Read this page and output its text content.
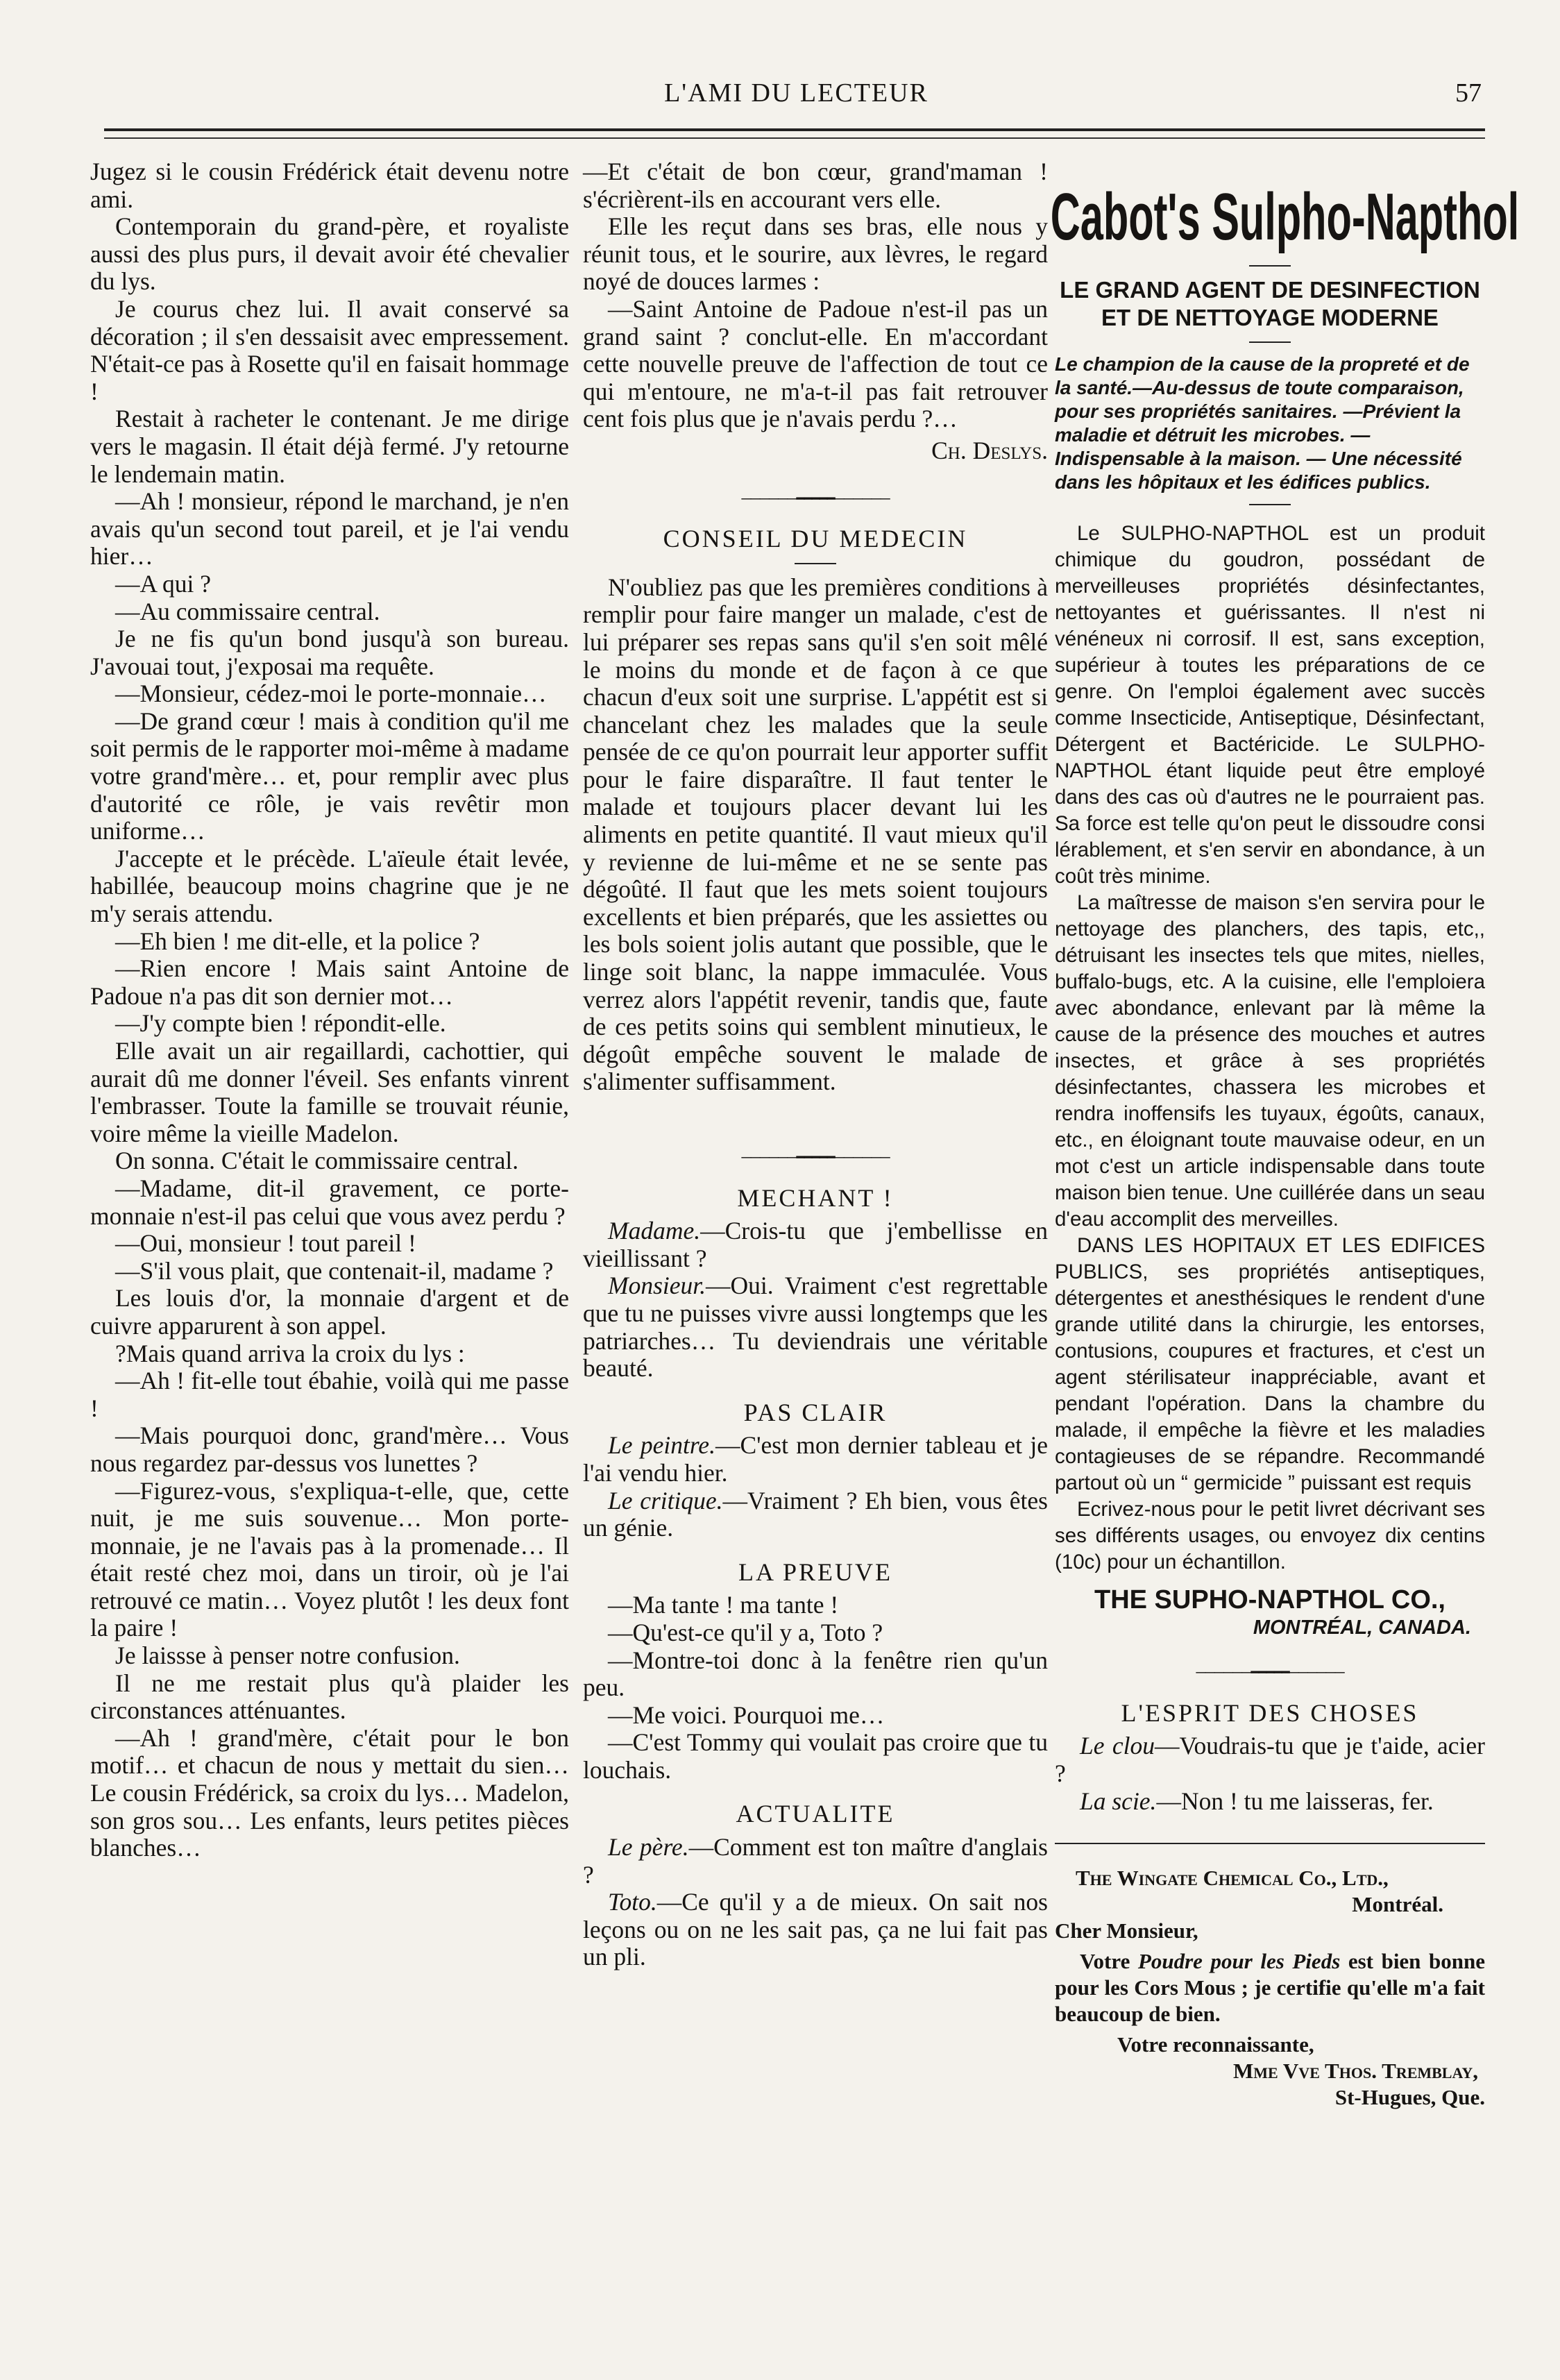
L'AMI DU LECTEUR	57

Jugez si le cousin Frédérick était devenu notre ami.

Contemporain du grand-père, et royaliste aussi des plus purs, il devait avoir été chevalier du lys.

Je courus chez lui. Il avait conservé sa décoration ; il s'en dessaisit avec empressement. N'était-ce pas à Rosette qu'il en faisait hommage !

Restait à racheter le contenant. Je me dirige vers le magasin. Il était déjà fermé. J'y retourne le lendemain matin.

—Ah ! monsieur, répond le marchand, je n'en avais qu'un second tout pareil, et je l'ai vendu hier…

—A qui ?

—Au commissaire central.

Je ne fis qu'un bond jusqu'à son bureau. J'avouai tout, j'exposai ma requête.

—Monsieur, cédez-moi le porte-monnaie…

—De grand cœur ! mais à condition qu'il me soit permis de le rapporter moi-même à madame votre grand'mère… et, pour remplir avec plus d'autorité ce rôle, je vais revêtir mon uniforme…

J'accepte et le précède. L'aïeule était levée, habillée, beaucoup moins chagrine que je ne m'y serais attendu.

—Eh bien ! me dit-elle, et la police ?

—Rien encore ! Mais saint Antoine de Padoue n'a pas dit son dernier mot…

—J'y compte bien ! répondit-elle.

Elle avait un air regaillardi, cachottier, qui aurait dû me donner l'éveil. Ses enfants vinrent l'embrasser. Toute la famille se trouvait réunie, voire même la vieille Madelon.

On sonna. C'était le commissaire central.

—Madame, dit-il gravement, ce porte-monnaie n'est-il pas celui que vous avez perdu ?

—Oui, monsieur ! tout pareil !

—S'il vous plait, que contenait-il, madame ?

Les louis d'or, la monnaie d'argent et de cuivre apparurent à son appel.

?Mais quand arriva la croix du lys :

—Ah ! fit-elle tout ébahie, voilà qui me passe !

—Mais pourquoi donc, grand'mère… Vous nous regardez par-dessus vos lunettes ?

—Figurez-vous, s'expliqua-t-elle, que, cette nuit, je me suis souvenue… Mon porte-monnaie, je ne l'avais pas à la promenade… Il était resté chez moi, dans un tiroir, où je l'ai retrouvé ce matin… Voyez plutôt ! les deux font la paire !

Je laissse à penser notre confusion.

Il ne me restait plus qu'à plaider les circonstances atténuantes.

—Ah ! grand'mère, c'était pour le bon motif… et chacun de nous y mettait du sien… Le cousin Frédérick, sa croix du lys… Madelon, son gros sou… Les enfants, leurs petites pièces blanches…

—Et c'était de bon cœur, grand'maman ! s'écrièrent-ils en accourant vers elle.

Elle les reçut dans ses bras, elle nous y réunit tous, et le sourire, aux lèvres, le regard noyé de douces larmes :

—Saint Antoine de Padoue n'est-il pas un grand saint ? conclut-elle. En m'accordant cette nouvelle preuve de l'affection de tout ce qui m'entoure, ne m'a-t-il pas fait retrouver cent fois plus que je n'avais perdu ?…

Ch. Deslys.
──────━━━━━──────
CONSEIL DU MEDECIN

N'oubliez pas que les premières conditions à remplir pour faire manger un malade, c'est de lui préparer ses repas sans qu'il s'en soit mêlé le moins du monde et de façon à ce que chacun d'eux soit une surprise. L'appétit est si chancelant chez les malades que la seule pensée de ce qu'on pourrait leur apporter suffit pour le faire disparaître. Il faut tenter le malade et toujours placer devant lui les aliments en petite quantité. Il vaut mieux qu'il y revienne de lui-même et ne se sente pas dégoûté. Il faut que les mets soient toujours excellents et bien préparés, que les assiettes ou les bols soient jolis autant que possible, que le linge soit blanc, la nappe immaculée. Vous verrez alors l'appétit revenir, tandis que, faute de ces petits soins qui semblent minutieux, le dégoût empêche souvent le malade de s'alimenter suffisamment.

──────━━━━━──────
MECHANT !

Madame.—Crois-tu que j'embellisse en vieillissant ?

Monsieur.—Oui. Vraiment c'est regrettable que tu ne puisses vivre aussi longtemps que les patriarches… Tu deviendrais une véritable beauté.

PAS CLAIR

Le peintre.—C'est mon dernier tableau et je l'ai vendu hier.

Le critique.—Vraiment ? Eh bien, vous êtes un génie.

LA PREUVE

—Ma tante ! ma tante !

—Qu'est-ce qu'il y a, Toto ?

—Montre-toi donc à la fenêtre rien qu'un peu.

—Me voici. Pourquoi me…

—C'est Tommy qui voulait pas croire que tu louchais.

ACTUALITE

Le père.—Comment est ton maître d'anglais ?

Toto.—Ce qu'il y a de mieux. On sait nos leçons ou on ne les sait pas, ça ne lui fait pas un pli.

Cabot's Sulpho-Napthol
LE GRAND AGENT DE DESINFECTION ET DE NETTOYAGE MODERNE
Le champion de la cause de la propreté et de la santé.—Au-dessus de toute comparaison, pour ses propriétés sanitaires. —Prévient la maladie et détruit les microbes. — Indispensable à la maison. — Une nécessité dans les hôpitaux et les édifices publics.

Le SULPHO-NAPTHOL est un produit chimique du goudron, possédant de merveilleuses propriétés désinfectantes, nettoyantes et guérissantes. Il n'est ni vénéneux ni corrosif. Il est, sans exception, supérieur à toutes les préparations de ce genre. On l'emploi également avec succès comme Insecticide, Antiseptique, Désinfectant, Détergent et Bactéricide. Le SULPHO-NAPTHOL étant liquide peut être employé dans des cas où d'autres ne le pourraient pas. Sa force est telle qu'on peut le dissoudre consi lérablement, et s'en servir en abondance, à un coût très minime.

La maîtresse de maison s'en servira pour le nettoyage des planchers, des tapis, etc,, détruisant les insectes tels que mites, nielles, buffalo-bugs, etc. A la cuisine, elle l'emploiera avec abondance, enlevant par là même la cause de la présence des mouches et autres insectes, et grâce à ses propriétés désinfectantes, chassera les microbes et rendra inoffensifs les tuyaux, égoûts, canaux, etc., en éloignant toute mauvaise odeur, en un mot c'est un article indispensable dans toute maison bien tenue. Une cuillérée dans un seau d'eau accomplit des merveilles.

DANS LES HOPITAUX ET LES EDIFICES PUBLICS, ses propriétés antiseptiques, détergentes et anesthésiques le rendent d'une grande utilité dans la chirurgie, les entorses, contusions, coupures et fractures, et c'est un agent stérilisateur inappréciable, avant et pendant l'opération. Dans la chambre du malade, il empêche la fièvre et les maladies contagieuses de se répandre. Recommandé partout où un “ germicide ” puissant est requis

Ecrivez-nous pour le petit livret décrivant ses ses différents usages, ou envoyez dix centins (10c) pour un échantillon.

THE SUPHO-NAPTHOL CO.,
MONTRÉAL, CANADA.
──────━━━━━──────
L'ESPRIT DES CHOSES

Le clou—Voudrais-tu que je t'aide, acier ?

La scie.—Non ! tu me laisseras, fer.

The Wingate Chemical Co., Ltd.,
Montréal.
Cher Monsieur,

Votre Poudre pour les Pieds est bien bonne pour les Cors Mous ; je certifie qu'elle m'a fait beaucoup de bien.

Votre reconnaissante,
Mme Vve Thos. Tremblay,
St-Hugues, Que.
